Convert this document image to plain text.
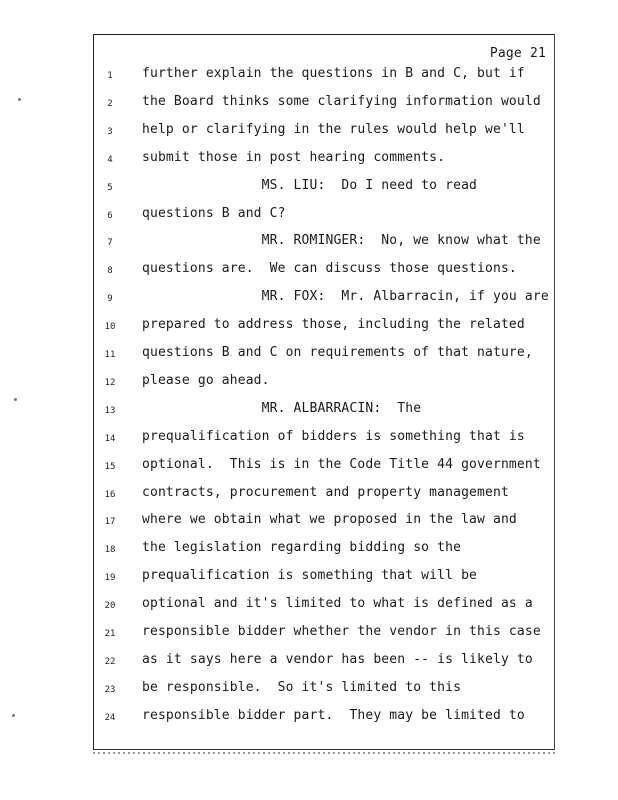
Page 21
1	further explain the questions in B and C, but if
2	the Board thinks some clarifying information would
3	help or clarifying in the rules would help we'll
4	submit those in post hearing comments.
5	MS. LIU:  Do I need to read
6	questions B and C?
7	MR. ROMINGER:  No, we know what the
8	questions are.  We can discuss those questions.
9	MR. FOX:  Mr. Albarracin, if you are
10	prepared to address those, including the related
11	questions B and C on requirements of that nature,
12	please go ahead.
13	MR. ALBARRACIN:  The
14	prequalification of bidders is something that is
15	optional.  This is in the Code Title 44 government
16	contracts, procurement and property management
17	where we obtain what we proposed in the law and
18	the legislation regarding bidding so the
19	prequalification is something that will be
20	optional and it's limited to what is defined as a
21	responsible bidder whether the vendor in this case
22	as it says here a vendor has been -- is likely to
23	be responsible.  So it's limited to this
24	responsible bidder part.  They may be limited to
